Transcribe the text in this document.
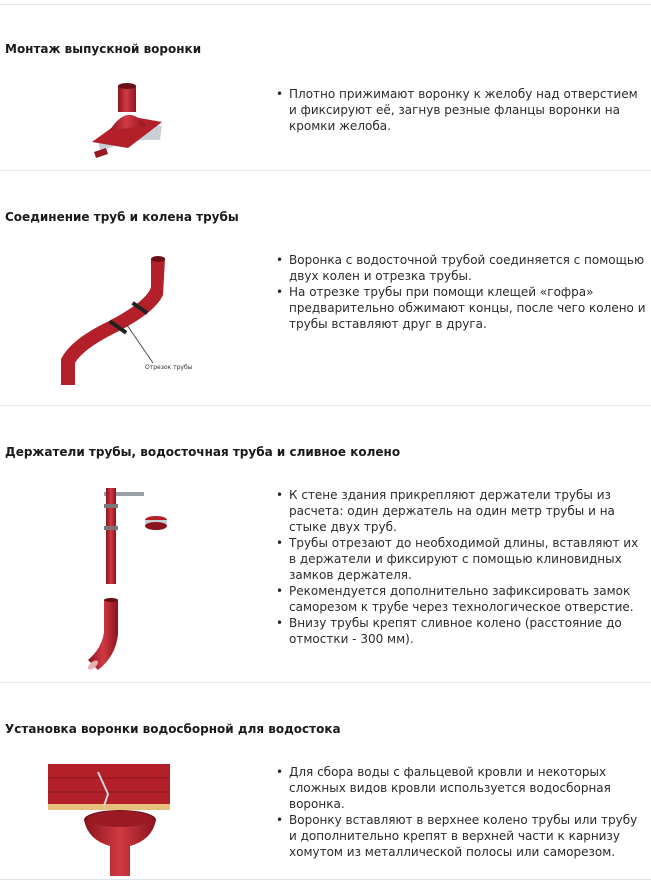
Монтаж выпускной воронки
• Плотно прижимают воронку к желобу над отверстием и фиксируют её, загнув резные фланцы воронки на кромки желоба.
Соединение труб и колена трубы
Отрезок трубы
• Воронка с водосточной трубой соединяется с помощью двух колен и отрезка трубы.
• На отрезке трубы при помощи клещей «гофра» предварительно обжимают концы, после чего колено и трубы вставляют друг в друга.
Держатели трубы, водосточная труба и сливное колено
• К стене здания прикрепляют держатели трубы из расчета: один держатель на один метр трубы и на стыке двух труб.
• Трубы отрезают до необходимой длины, вставляют их в держатели и фиксируют с помощью клиновидных замков держателя.
• Рекомендуется дополнительно зафиксировать замок саморезом к трубе через технологическое отверстие.
• Внизу трубы крепят сливное колено (расстояние до отмостки - 300 мм).
Установка воронки водосборной для водостока
• Для сбора воды с фальцевой кровли и некоторых сложных видов кровли используется водосборная воронка.
• Воронку вставляют в верхнее колено трубы или трубу и дополнительно крепят в верхней части к карнизу хомутом из металлической полосы или саморезом.
